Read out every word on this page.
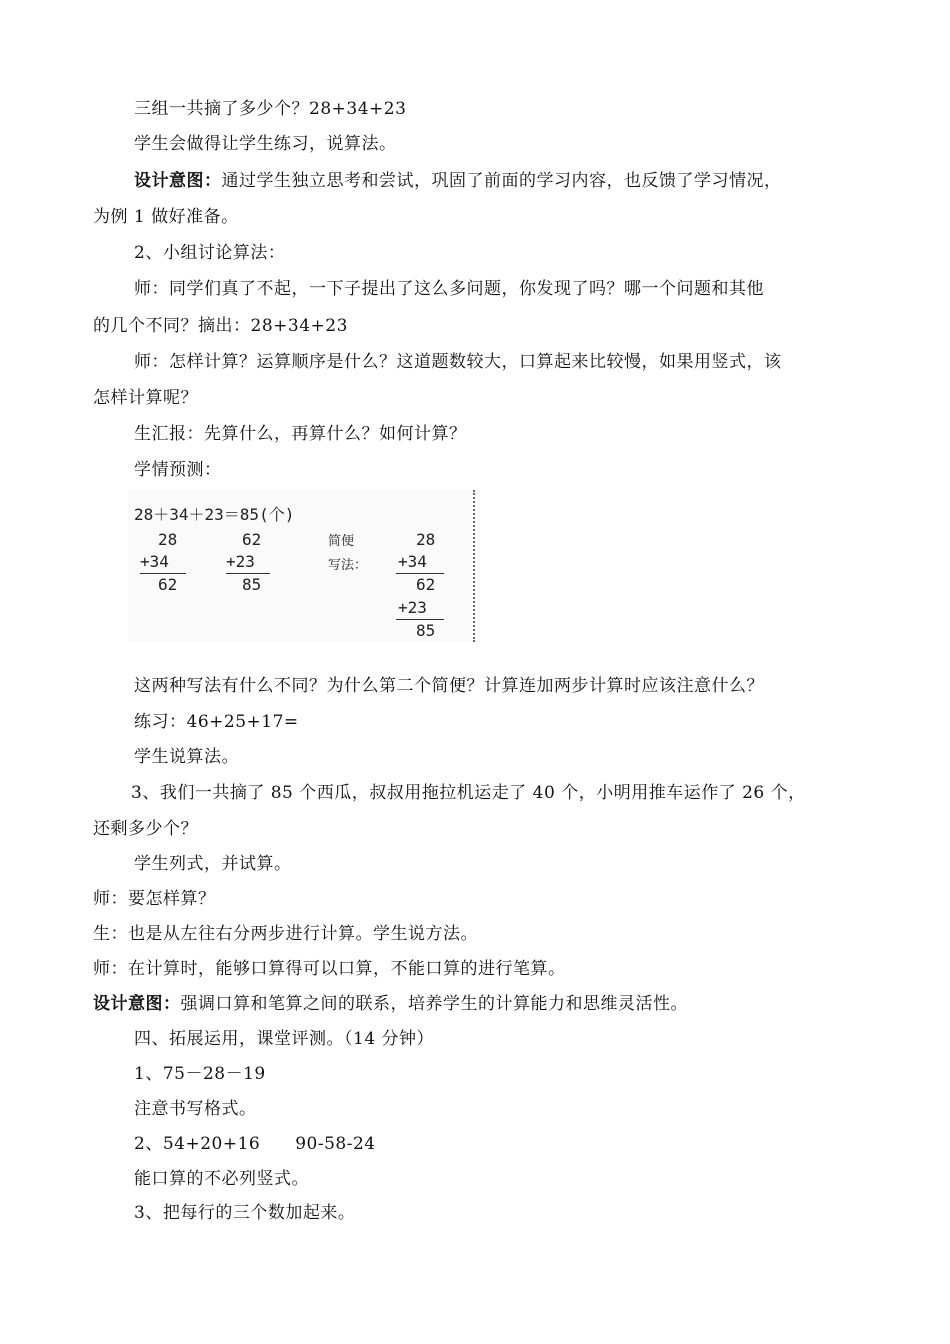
三组一共摘了多少个？28+34+23
学生会做得让学生练习，说算法。
设计意图：通过学生独立思考和尝试，巩固了前面的学习内容，也反馈了学习情况，
为例 1 做好准备。
2、小组讨论算法：
师：同学们真了不起，一下子提出了这么多问题，你发现了吗？哪一个问题和其他
的几个不同？摘出：28+34+23
师：怎样计算？运算顺序是什么？这道题数较大，口算起来比较慢，如果用竖式，该
怎样计算呢？
生汇报：先算什么，再算什么？如何计算？
学情预测：
28＋34＋23＝85(个)
28
+34
62
62
+23
85
简便
写法：
28
+34
62
+23
85
这两种写法有什么不同？为什么第二个简便？计算连加两步计算时应该注意什么？
练习：46+25+17=
学生说算法。
3、我们一共摘了 85 个西瓜，叔叔用拖拉机运走了 40 个，小明用推车运作了 26 个，
还剩多少个？
学生列式，并试算。
师：要怎样算？
生：也是从左往右分两步进行计算。学生说方法。
师：在计算时，能够口算得可以口算，不能口算的进行笔算。
设计意图：强调口算和笔算之间的联系，培养学生的计算能力和思维灵活性。
四、拓展运用，课堂评测。（14 分钟）
1、75－28－19
注意书写格式。
2、54+20+16　　90-58-24
能口算的不必列竖式。
3、把每行的三个数加起来。
